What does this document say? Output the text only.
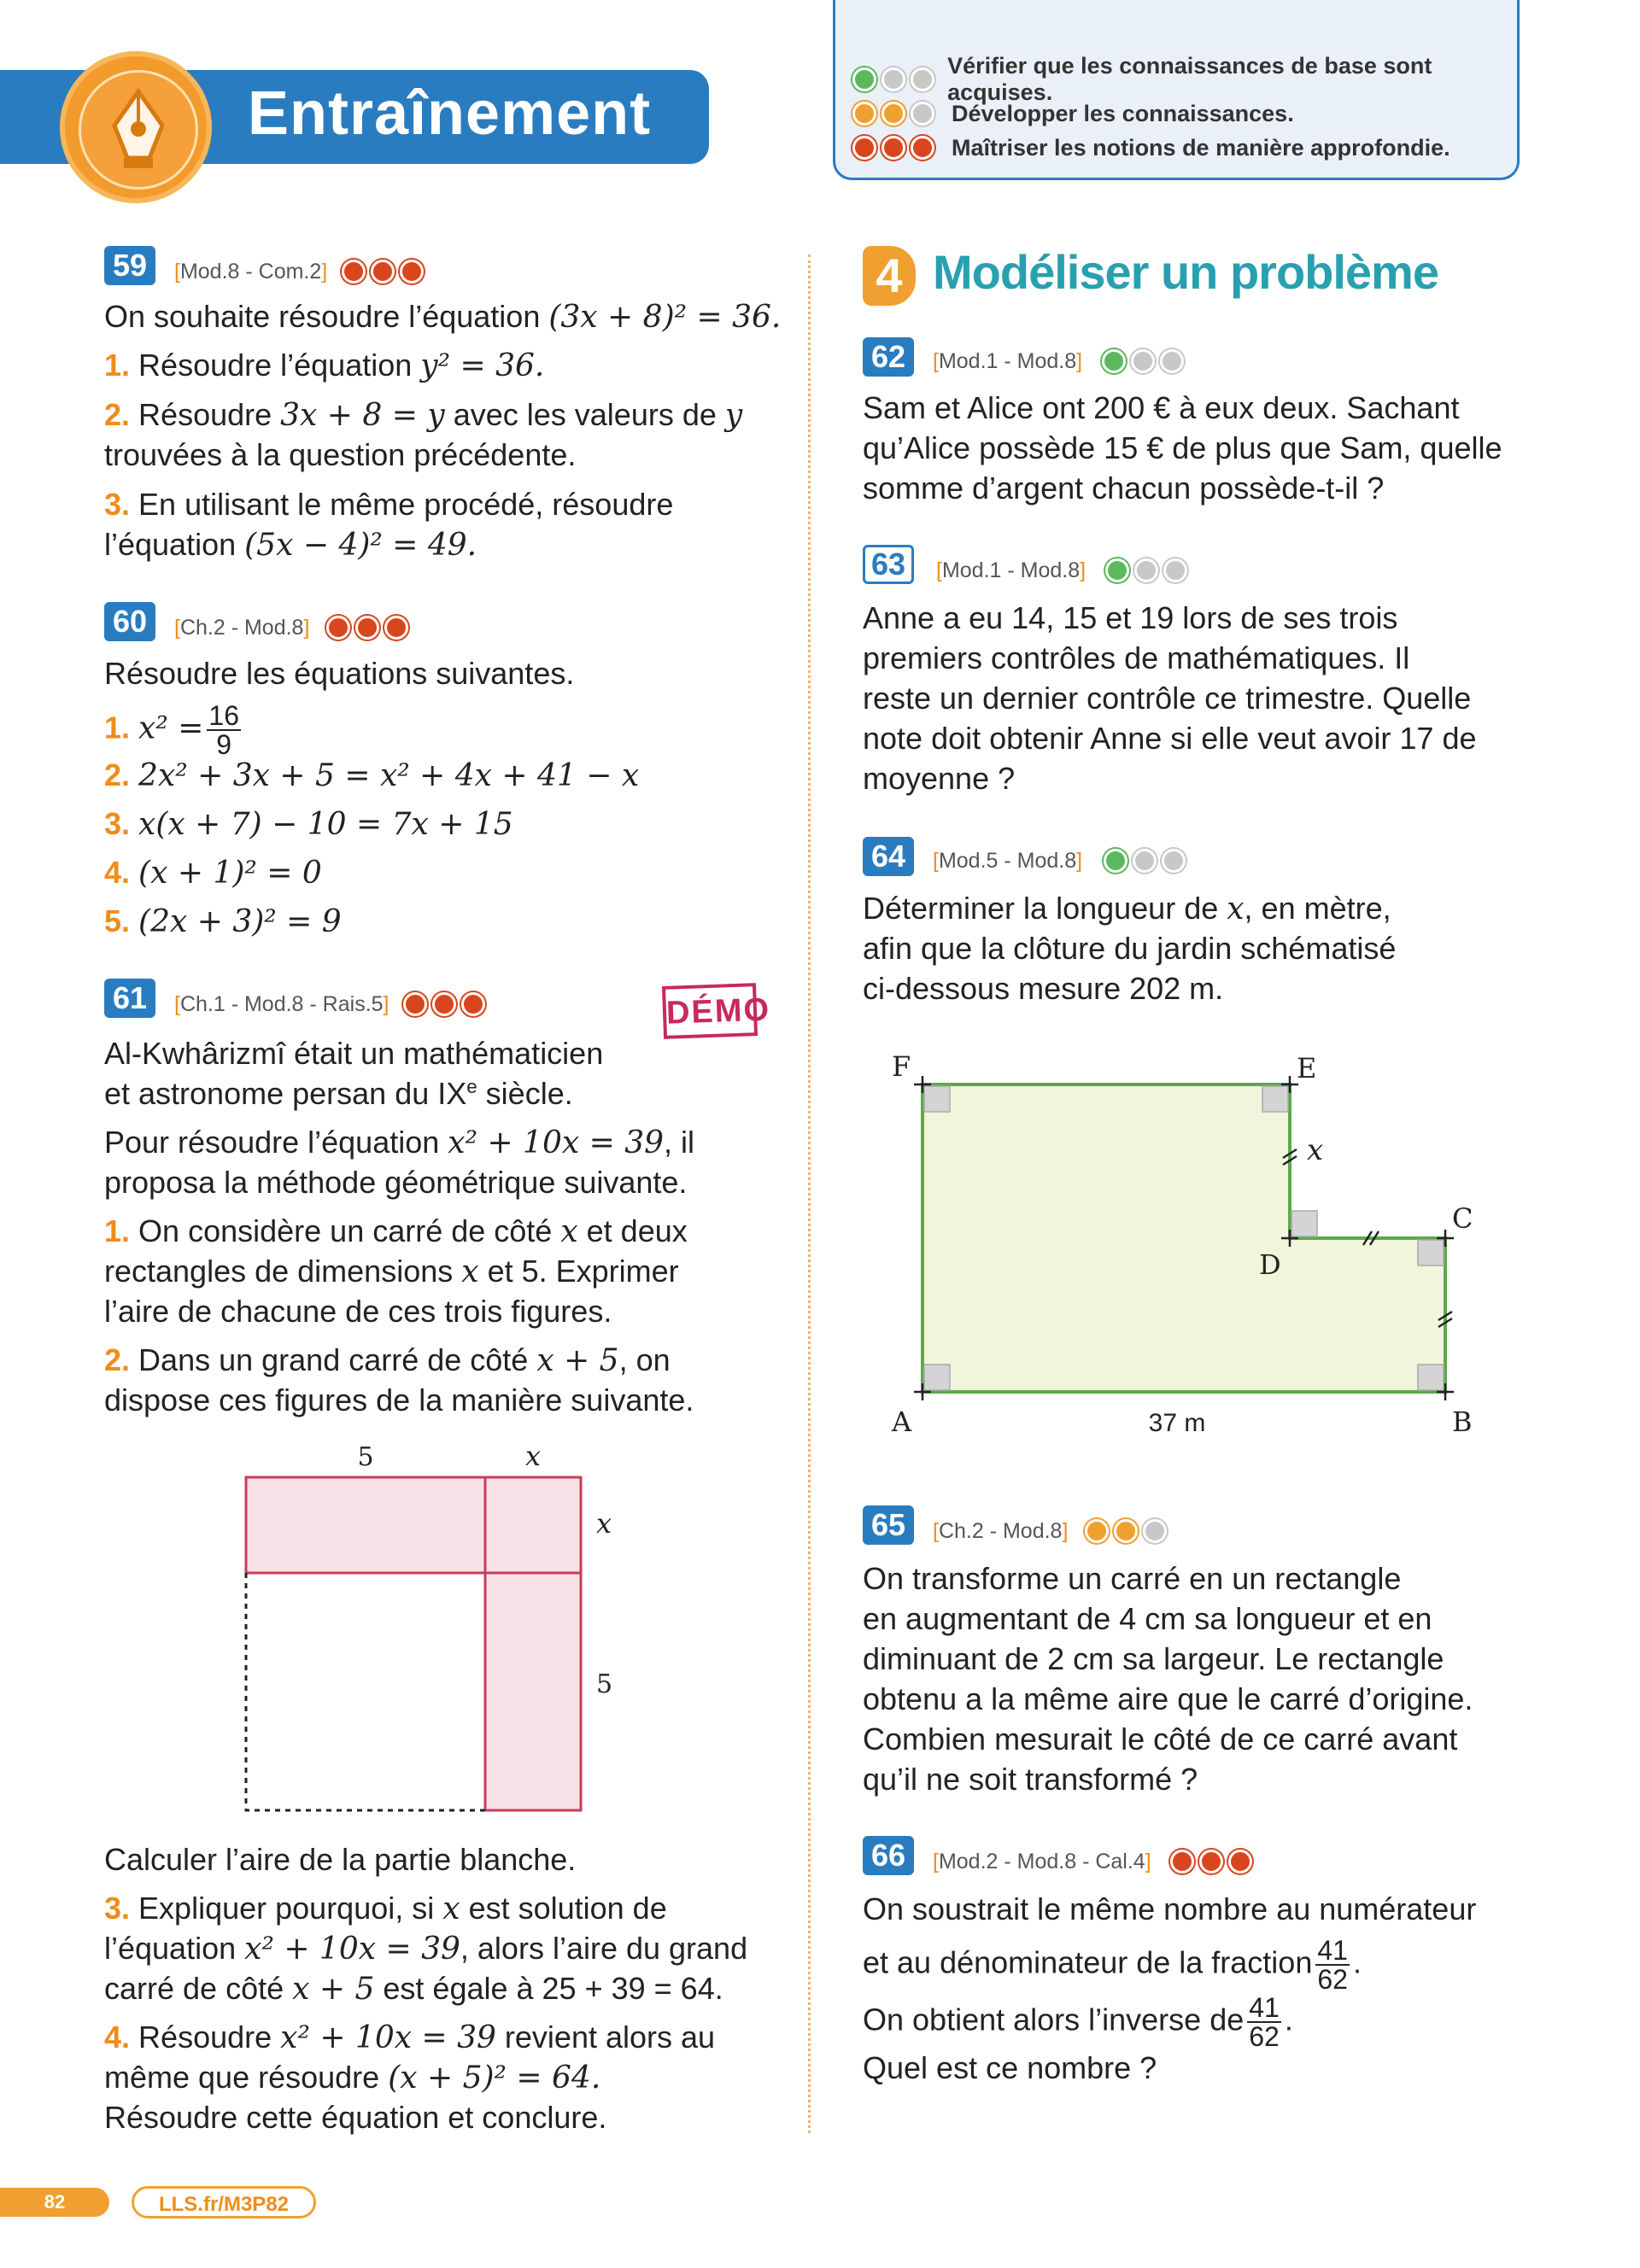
Entraînement
Vérifier que les connaissances de base sont acquises.
Développer les connaissances.
Maîtriser les notions de manière approfondie.
59	[Mod.8 - Com.2]
On souhaite résoudre l’équation (3x + 8)² = 36.
1. Résoudre l’équation y² = 36.
2. Résoudre 3x + 8 = y avec les valeurs de y
trouvées à la question précédente.
3. En utilisant le même procédé, résoudre
l’équation (5x − 4)² = 49.
60	[Ch.2 - Mod.8]
Résoudre les équations suivantes.
1. $x^2 = \frac{16}{9}$
2. 2x² + 3x + 5 = x² + 4x + 41 − x
3. x(x + 7) − 10 = 7x + 15
4. (x + 1)² = 0
5. (2x + 3)² = 9
61	[Ch.1 - Mod.8 - Rais.5]	DÉMO
Al-Kwhârizmî était un mathématicien
et astronome persan du IXe siècle.
Pour résoudre l’équation x² + 10x = 39, il
proposa la méthode géométrique suivante.
1. On considère un carré de côté x et deux
rectangles de dimensions x et 5. Exprimer
l’aire de chacune de ces trois figures.
2. Dans un grand carré de côté x + 5, on
dispose ces figures de la manière suivante.
5	x
x
5
Calculer l’aire de la partie blanche.
3. Expliquer pourquoi, si x est solution de
l’équation x² + 10x = 39, alors l’aire du grand
carré de côté x + 5 est égale à 25 + 39 = 64.
4. Résoudre x² + 10x = 39 revient alors au
même que résoudre (x + 5)² = 64.
Résoudre cette équation et conclure.
4 Modéliser un problème
62	[Mod.1 - Mod.8]
Sam et Alice ont 200 € à eux deux. Sachant
qu’Alice possède 15 € de plus que Sam, quelle
somme d’argent chacun possède-t-il ?
63	[Mod.1 - Mod.8]
Anne a eu 14, 15 et 19 lors de ses trois
premiers contrôles de mathématiques. Il
reste un dernier contrôle ce trimestre. Quelle
note doit obtenir Anne si elle veut avoir 17 de
moyenne ?
64	[Mod.5 - Mod.8]
Déterminer la longueur de x, en mètre,
afin que la clôture du jardin schématisé
ci-dessous mesure 202 m.
F	E
x
D
C
A	37 m	B
65	[Ch.2 - Mod.8]
On transforme un carré en un rectangle
en augmentant de 4 cm sa longueur et en
diminuant de 2 cm sa largeur. Le rectangle
obtenu a la même aire que le carré d’origine.
Combien mesurait le côté de ce carré avant
qu’il ne soit transformé ?
66	[Mod.2 - Mod.8 - Cal.4]
On soustrait le même nombre au numérateur
et au dénominateur de la fraction $\frac{41}{62}$ .
On obtient alors l’inverse de $\frac{41}{62}$ .
Quel est ce nombre ?
82	LLS.fr/M3P82
